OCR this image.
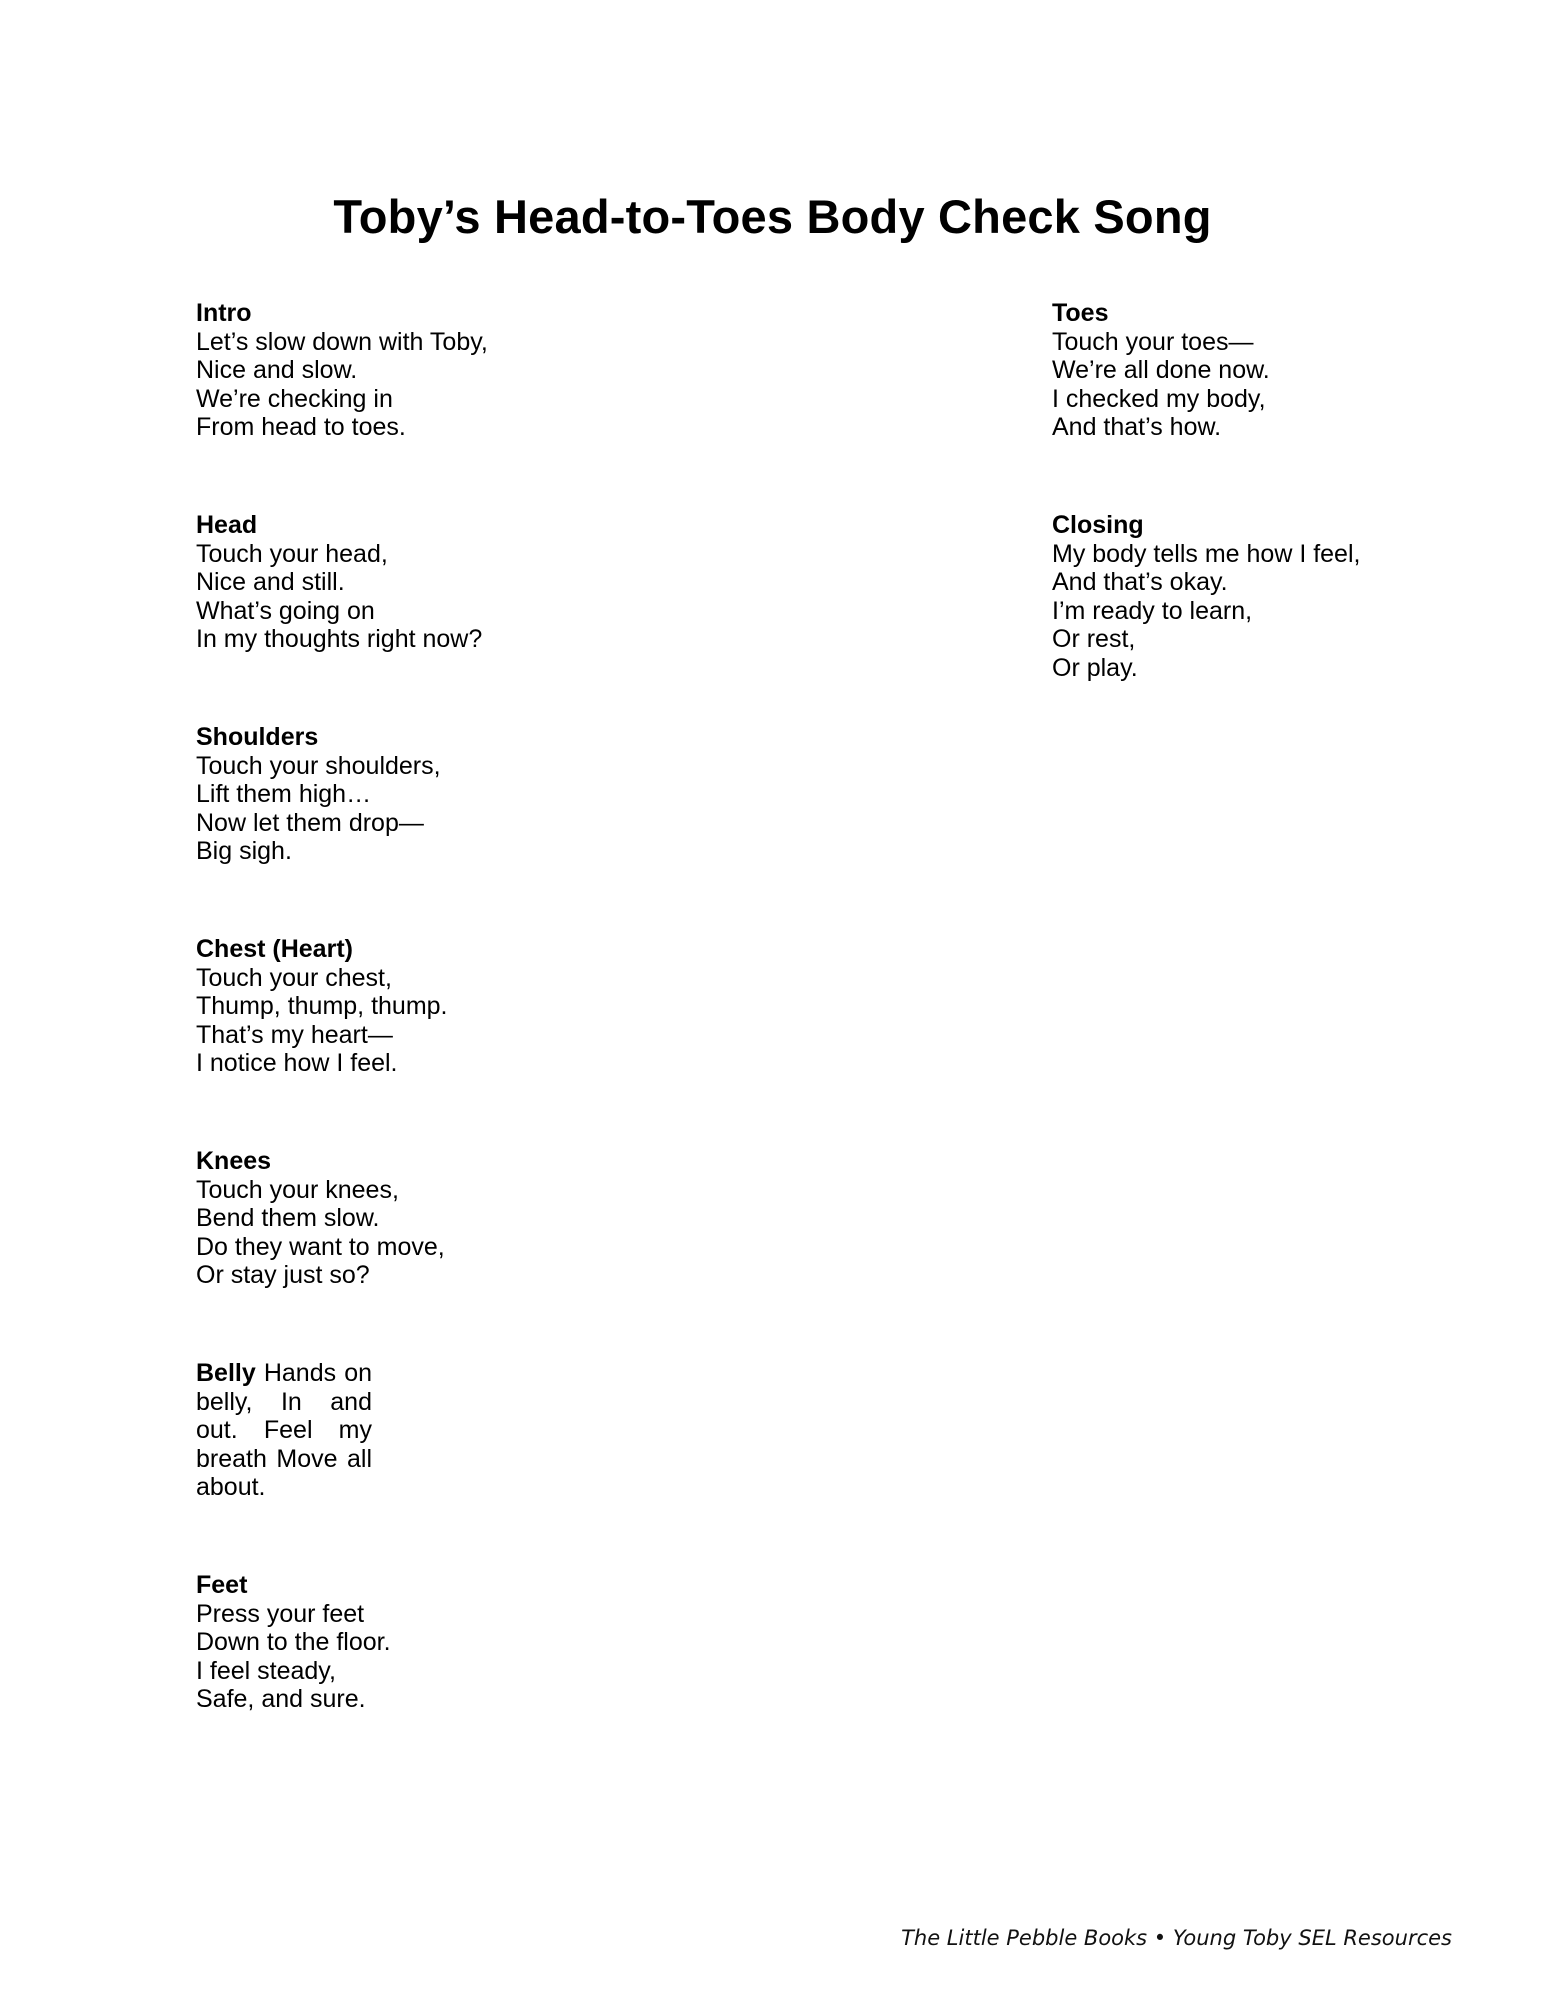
Toby’s Head-to-Toes Body Check Song
Intro
Let’s slow down with Toby,
Nice and slow.
We’re checking in
From head to toes.
Head
Touch your head,
Nice and still.
What’s going on
In my thoughts right now?
Shoulders
Touch your shoulders,
Lift them high…
Now let them drop—
Big sigh.
Chest (Heart)
Touch your chest,
Thump, thump, thump.
That’s my heart—
I notice how I feel.
Knees
Touch your knees,
Bend them slow.
Do they want to move,
Or stay just so?
Belly Hands on belly, In and out. Feel my breath Move all about.
Feet
Press your feet
Down to the floor.
I feel steady,
Safe, and sure.
Toes
Touch your toes—
We’re all done now.
I checked my body,
And that’s how.
Closing
My body tells me how I feel,
And that’s okay.
I’m ready to learn,
Or rest,
Or play.
The Little Pebble Books • Young Toby SEL Resources
